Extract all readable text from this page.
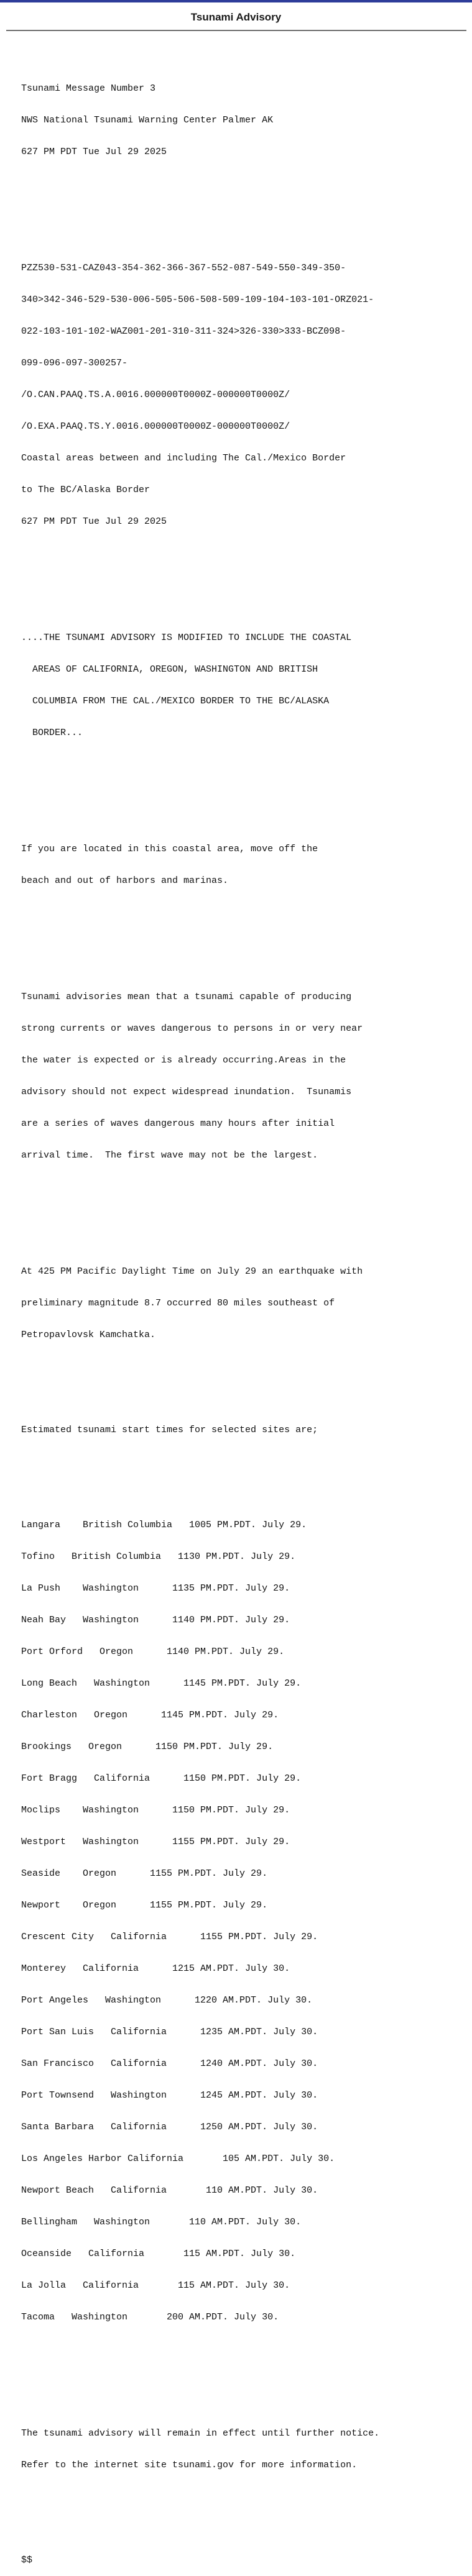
Tsunami Advisory

Tsunami Message Number 3

NWS National Tsunami Warning Center Palmer AK

627 PM PDT Tue Jul 29 2025

PZZ530-531-CAZ043-354-362-366-367-552-087-549-550-349-350-

340>342-346-529-530-006-505-506-508-509-109-104-103-101-ORZ021-

022-103-101-102-WAZ001-201-310-311-324>326-330>333-BCZ098-

099-096-097-300257-

/O.CAN.PAAQ.TS.A.0016.000000T0000Z-000000T0000Z/

/O.EXA.PAAQ.TS.Y.0016.000000T0000Z-000000T0000Z/

Coastal areas between and including The Cal./Mexico Border

to The BC/Alaska Border

627 PM PDT Tue Jul 29 2025

....THE TSUNAMI ADVISORY IS MODIFIED TO INCLUDE THE COASTAL

AREAS OF CALIFORNIA, OREGON, WASHINGTON AND BRITISH

COLUMBIA FROM THE CAL./MEXICO BORDER TO THE BC/ALASKA

BORDER...

If you are located in this coastal area, move off the

beach and out of harbors and marinas.

Tsunami advisories mean that a tsunami capable of producing

strong currents or waves dangerous to persons in or very near

the water is expected or is already occurring.Areas in the

advisory should not expect widespread inundation.  Tsunamis

are a series of waves dangerous many hours after initial

arrival time.  The first wave may not be the largest.

At 425 PM Pacific Daylight Time on July 29 an earthquake with

preliminary magnitude 8.7 occurred 80 miles southeast of

Petropavlovsk Kamchatka.

Estimated tsunami start times for selected sites are;

Langara    British Columbia   1005 PM.PDT. July 29.

Tofino   British Columbia   1130 PM.PDT. July 29.

La Push    Washington      1135 PM.PDT. July 29.

Neah Bay   Washington      1140 PM.PDT. July 29.

Port Orford   Oregon      1140 PM.PDT. July 29.

Long Beach   Washington      1145 PM.PDT. July 29.

Charleston   Oregon      1145 PM.PDT. July 29.

Brookings   Oregon      1150 PM.PDT. July 29.

Fort Bragg   California      1150 PM.PDT. July 29.

Moclips    Washington      1150 PM.PDT. July 29.

Westport   Washington      1155 PM.PDT. July 29.

Seaside    Oregon      1155 PM.PDT. July 29.

Newport    Oregon      1155 PM.PDT. July 29.

Crescent City   California      1155 PM.PDT. July 29.

Monterey   California      1215 AM.PDT. July 30.

Port Angeles   Washington      1220 AM.PDT. July 30.

Port San Luis   California      1235 AM.PDT. July 30.

San Francisco   California      1240 AM.PDT. July 30.

Port Townsend   Washington      1245 AM.PDT. July 30.

Santa Barbara   California      1250 AM.PDT. July 30.

Los Angeles Harbor California       105 AM.PDT. July 30.

Newport Beach   California       110 AM.PDT. July 30.

Bellingham   Washington       110 AM.PDT. July 30.

Oceanside   California       115 AM.PDT. July 30.

La Jolla   California       115 AM.PDT. July 30.

Tacoma   Washington       200 AM.PDT. July 30.

The tsunami advisory will remain in effect until further notice.

Refer to the internet site tsunami.gov for more information.

$$
